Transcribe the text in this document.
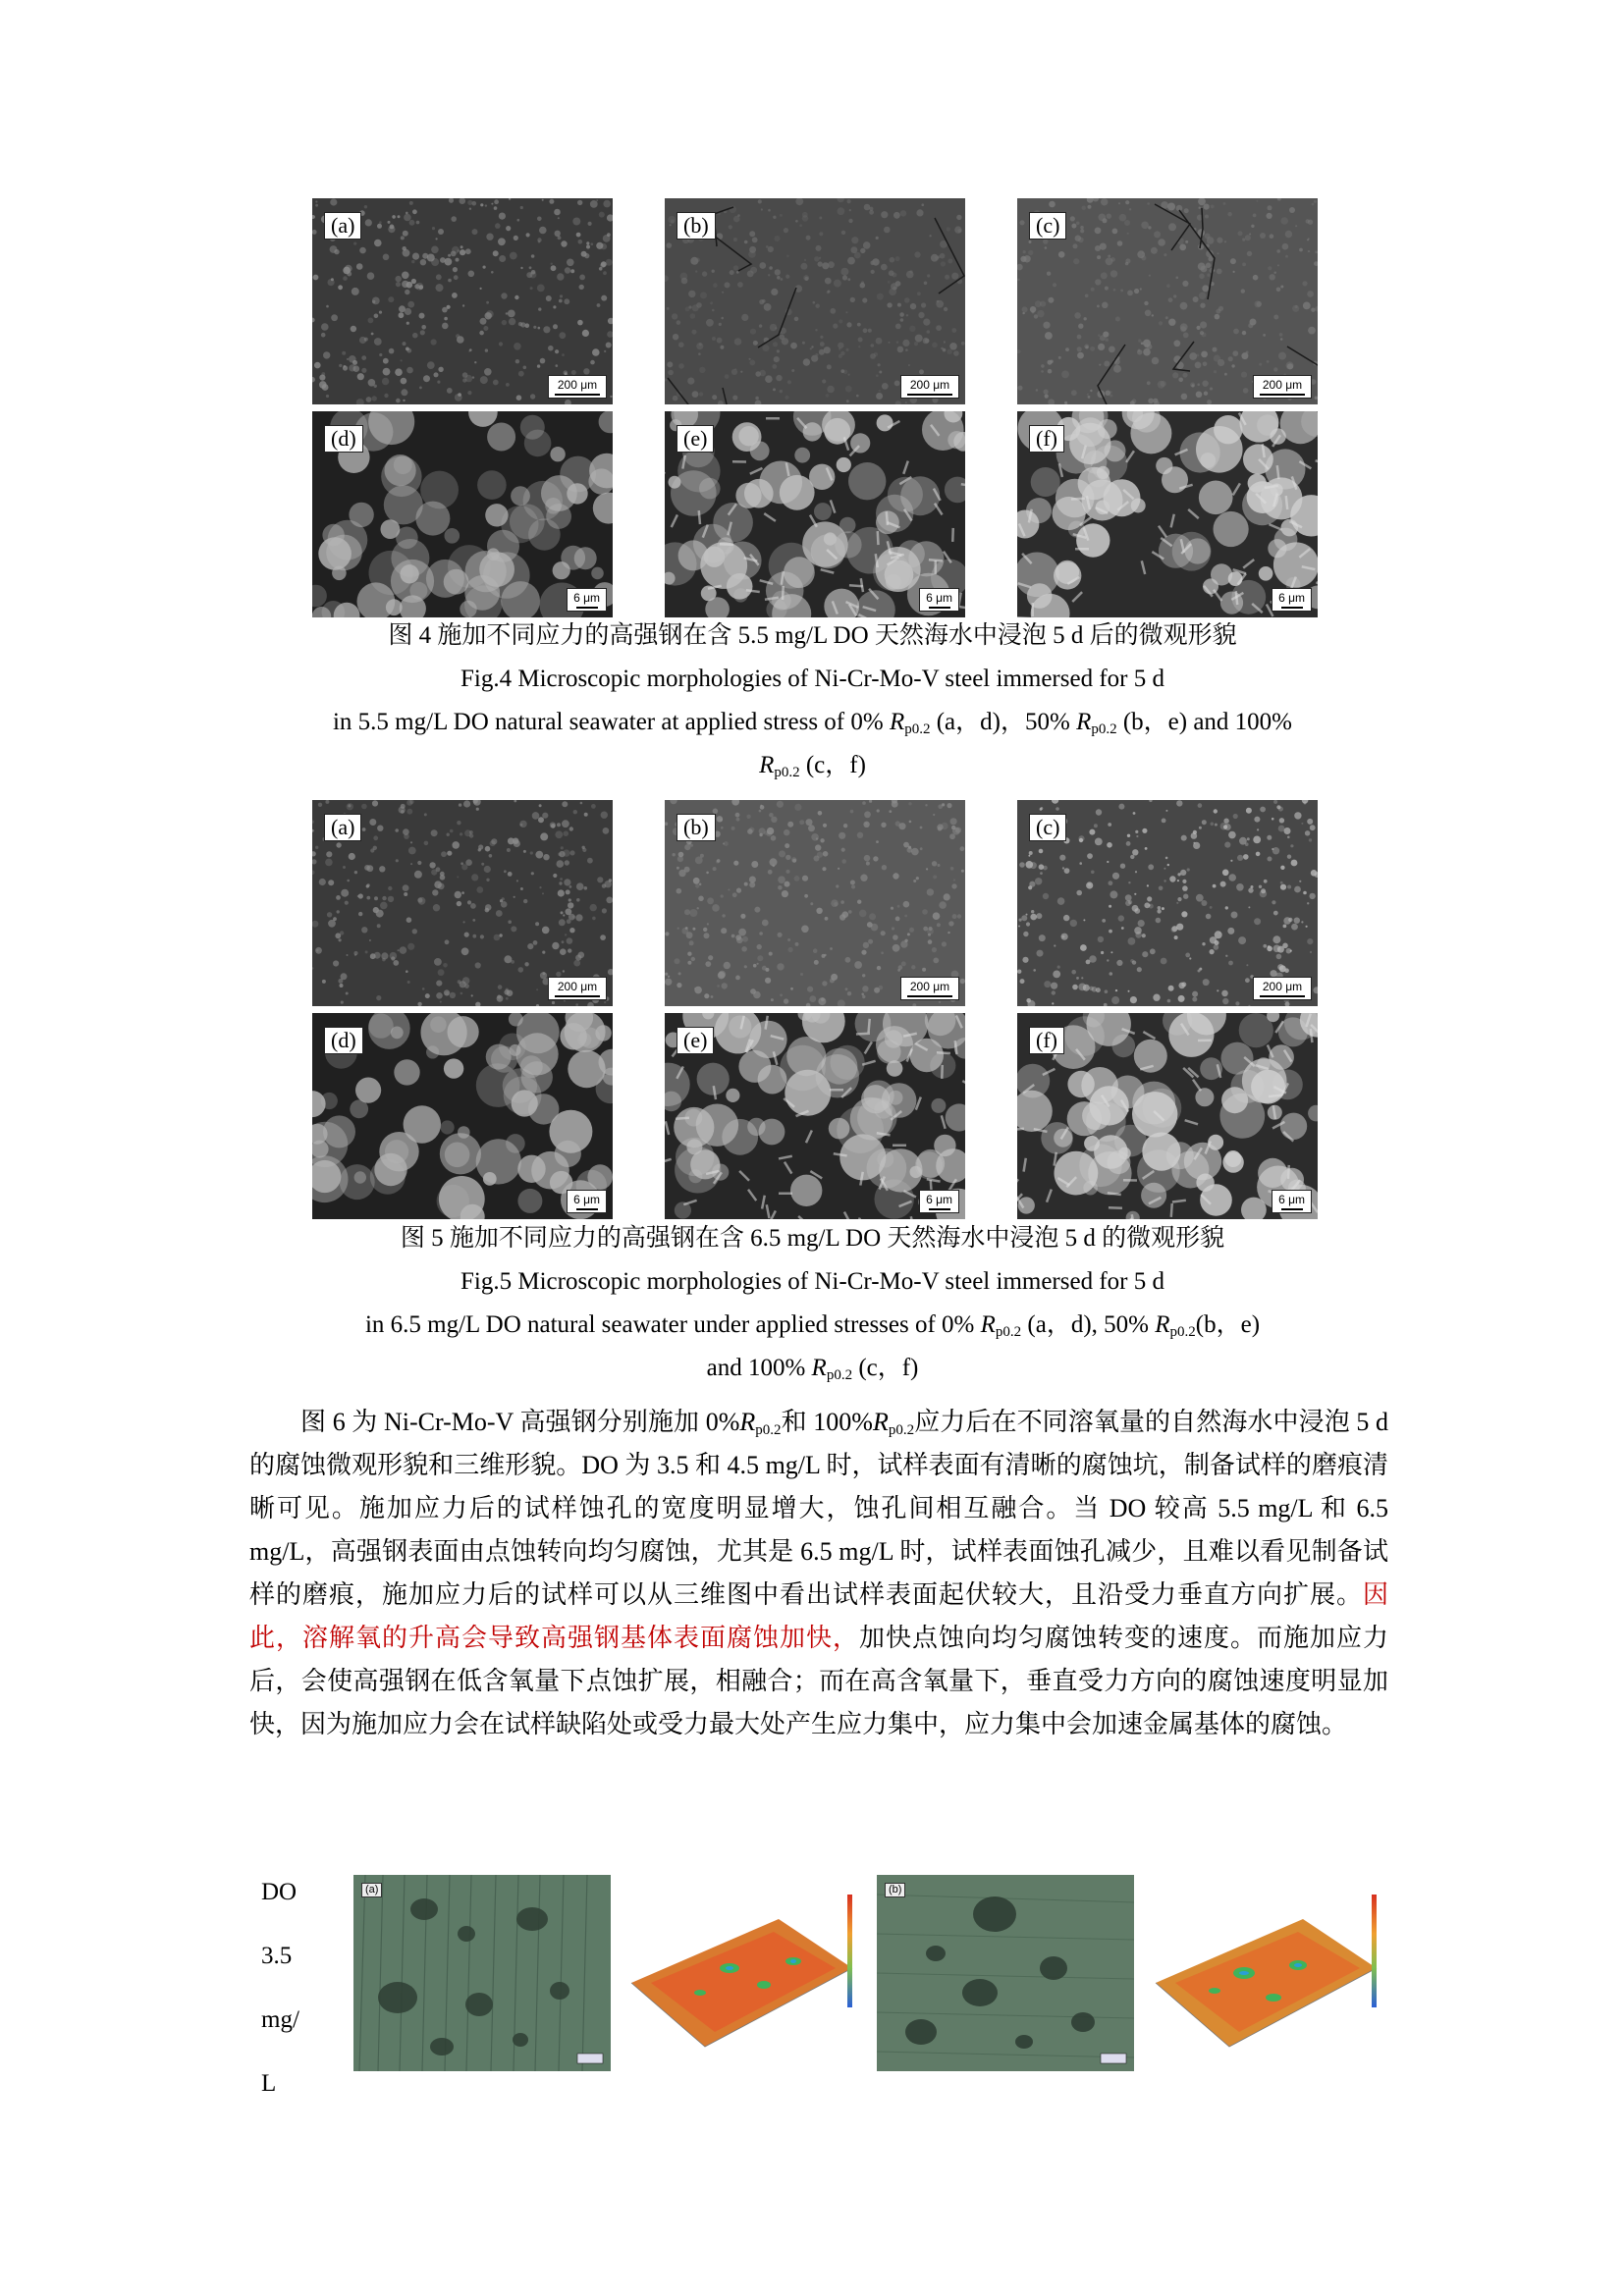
(a)
200 μm
(b)
200 μm
(c)
200 μm
(d)
6 μm
(e)
6 μm
(f)
6 μm
图 4 施加不同应力的高强钢在含 5.5 mg/L DO 天然海水中浸泡 5 d 后的微观形貌
Fig.4 Microscopic morphologies of Ni-Cr-Mo-V steel immersed for 5 d
in 5.5 mg/L DO natural seawater at applied stress of 0% $R_{p0.2}$ (a，d)，50% $R_{p0.2}$ (b，e) and 100%
$R_{p0.2}$ (c，f)
(a)
200 μm
(b)
200 μm
(c)
200 μm
(d)
6 μm
(e)
6 μm
(f)
6 μm
图 5 施加不同应力的高强钢在含 6.5 mg/L DO 天然海水中浸泡 5 d 的微观形貌
Fig.5 Microscopic morphologies of Ni-Cr-Mo-V steel immersed for 5 d
in 6.5 mg/L DO natural seawater under applied stresses of 0% $R_{p0.2}$ (a，d), 50% $R_{p0.2}(b$，e)
and 100% $R_{p0.2}$ (c，f)

图 6 为 Ni-Cr-Mo-V 高强钢分别施加 $0\%R_{p0.2}$和 $100\%R_{p0.2}$应力后在不同溶氧量的自然海水中浸泡 5 d 的腐蚀微观形貌和三维形貌。DO 为 3.5 和 4.5 mg/L 时，试样表面有清晰的腐蚀坑，制备试样的磨痕清晰可见。施加应力后的试样蚀孔的宽度明显增大，蚀孔间相互融合。当 DO 较高 5.5 mg/L 和 6.5 mg/L，高强钢表面由点蚀转向均匀腐蚀，尤其是 6.5 mg/L 时，试样表面蚀孔减少，且难以看见制备试样的磨痕，施加应力后的试样可以从三维图中看出试样表面起伏较大，且沿受力垂直方向扩展。因此，溶解氧的升高会导致高强钢基体表面腐蚀加快，加快点蚀向均匀腐蚀转变的速度。而施加应力后，会使高强钢在低含氧量下点蚀扩展，相融合；而在高含氧量下，垂直受力方向的腐蚀速度明显加快，因为施加应力会在试样缺陷处或受力最大处产生应力集中，应力集中会加速金属基体的腐蚀。

DO
3.5
mg/
L
(a)	(b)
